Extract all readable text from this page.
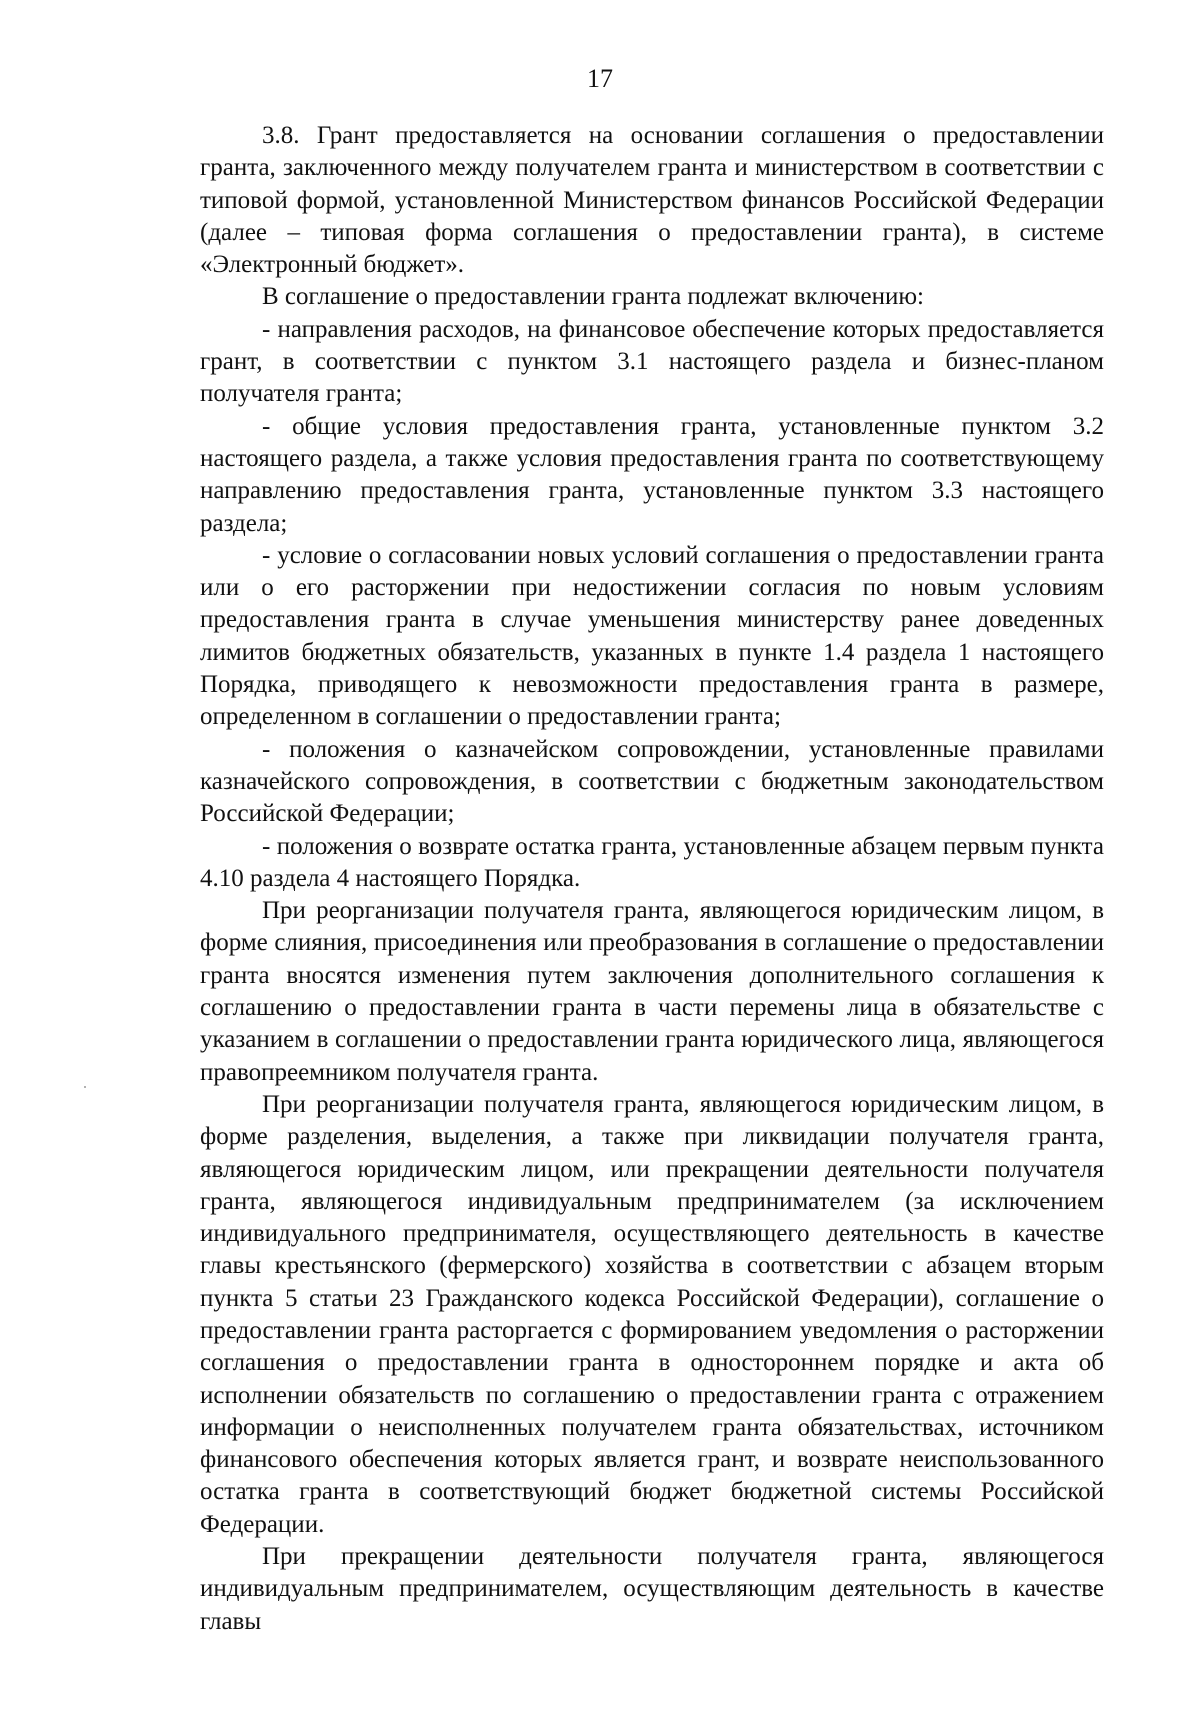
17

3.8. Грант предоставляется на основании соглашения о предоставлении гранта, заключенного между получателем гранта и министерством в соответствии с типовой формой, установленной Министерством финансов Российской Федерации (далее – типовая форма соглашения о предоставлении гранта), в системе «Электронный бюджет».

В соглашение о предоставлении гранта подлежат включению:

- направления расходов, на финансовое обеспечение которых предоставляется грант, в соответствии с пунктом 3.1 настоящего раздела и бизнес-планом получателя гранта;

- общие условия предоставления гранта, установленные пунктом 3.2 настоящего раздела, а также условия предоставления гранта по соответствующему направлению предоставления гранта, установленные пунктом 3.3 настоящего раздела;

- условие о согласовании новых условий соглашения о предоставлении гранта или о его расторжении при недостижении согласия по новым условиям предоставления гранта в случае уменьшения министерству ранее доведенных лимитов бюджетных обязательств, указанных в пункте 1.4 раздела 1 настоящего Порядка, приводящего к невозможности предоставления гранта в размере, определенном в соглашении о предоставлении гранта;

- положения о казначейском сопровождении, установленные правилами казначейского сопровождения, в соответствии с бюджетным законодательством Российской Федерации;

- положения о возврате остатка гранта, установленные абзацем первым пункта 4.10 раздела 4 настоящего Порядка.

При реорганизации получателя гранта, являющегося юридическим лицом, в форме слияния, присоединения или преобразования в соглашение о предоставлении гранта вносятся изменения путем заключения дополнительного соглашения к соглашению о предоставлении гранта в части перемены лица в обязательстве с указанием в соглашении о предоставлении гранта юридического лица, являющегося правопреемником получателя гранта.

При реорганизации получателя гранта, являющегося юридическим лицом, в форме разделения, выделения, а также при ликвидации получателя гранта, являющегося юридическим лицом, или прекращении деятельности получателя гранта, являющегося индивидуальным предпринимателем (за исключением индивидуального предпринимателя, осуществляющего деятельность в качестве главы крестьянского (фермерского) хозяйства в соответствии с абзацем вторым пункта 5 статьи 23 Гражданского кодекса Российской Федерации), соглашение о предоставлении гранта расторгается с формированием уведомления о расторжении соглашения о предоставлении гранта в одностороннем порядке и акта об исполнении обязательств по соглашению о предоставлении гранта с отражением информации о неисполненных получателем гранта обязательствах, источником финансового обеспечения которых является грант, и возврате неиспользованного остатка гранта в соответствующий бюджет бюджетной системы Российской Федерации.

При прекращении деятельности получателя гранта, являющегося индивидуальным предпринимателем, осуществляющим деятельность в качестве главы
